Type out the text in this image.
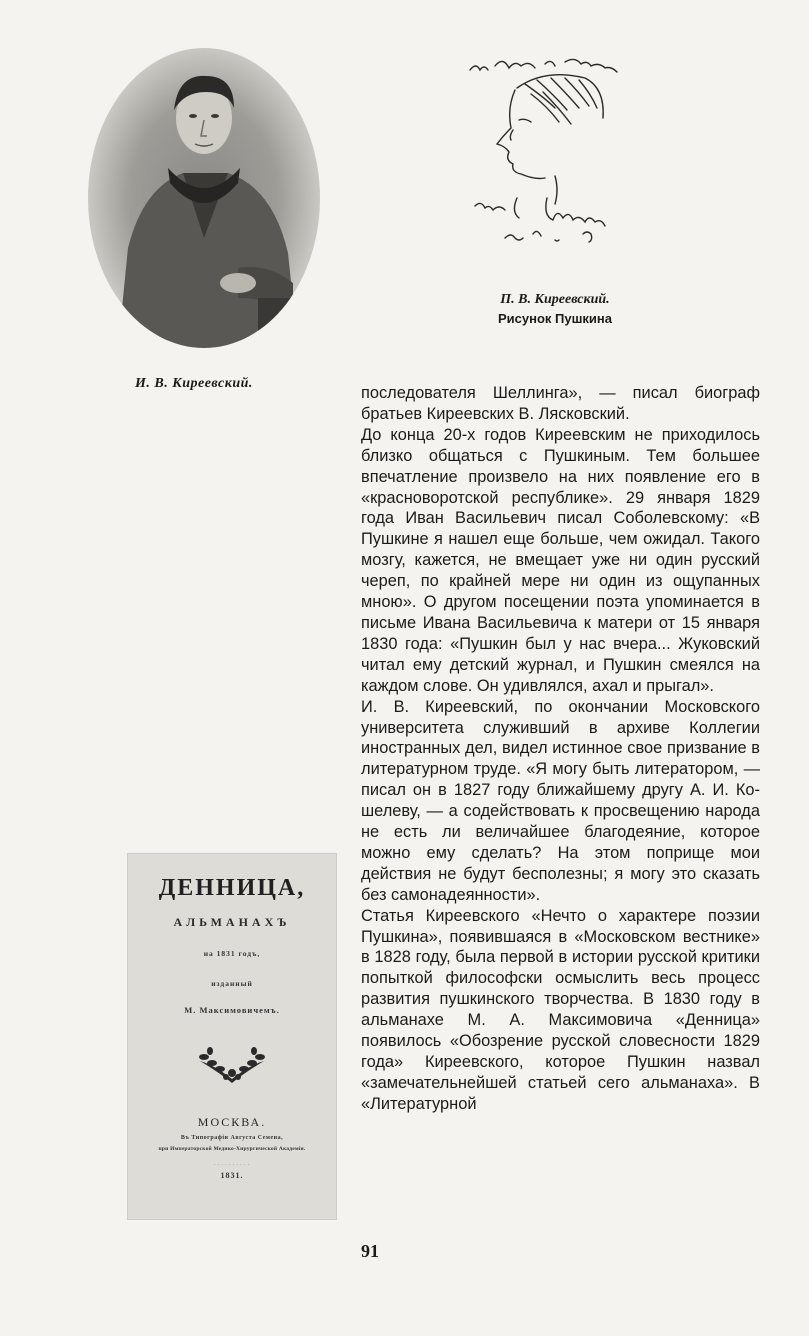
И. В. Киреевский.
П. В. Киреевский.
Рисунок Пушкина

последователя Шеллинга», — писал биограф братьев Киреевских В. Лясковский.

До конца 20-х годов Киреевским не приходилось близко общаться с Пушкиным. Тем большее впечатление произвело на них появление его в «красноворотской республике». 29 января 1829 года Иван Васильевич писал Соболевскому: «В Пушкине я нашел еще больше, чем ожидал. Такого мозгу, кажется, не вмещает уже ни один русский череп, по крайней мере ни один из ощупанных мною». О другом посещении поэта упоминается в письме Ивана Васильевича к матери от 15 января 1830 года: «Пушкин был у нас вчера... Жуковский читал ему детский журнал, и Пушкин смеялся на каждом слове. Он удивлялся, ахал и прыгал».

И. В. Киреевский, по окончании Московского университета служивший в архиве Коллегии иностранных дел, видел истинное свое призвание в литературном труде. «Я могу быть литератором, — писал он в 1827 году ближайшему другу А. И. Кошелеву, — а содействовать к просвещению народа не есть ли величайшее благодеяние, которое можно ему сделать? На этом поприще мои действия не будут бесполезны; я могу это сказать без самонадеянности».

Статья Киреевского «Нечто о характере поэзии Пушкина», появившаяся в «Московском вестнике» в 1828 году, была первой в истории русской критики попыткой философски осмыслить весь процесс развития пушкинского творчества. В 1830 году в альманахе М. А. Максимовича «Денница» появилось «Обозрение русской словесности 1829 года» Киреевского, которое Пушкин назвал «замечательнейшей статьей сего альманаха». В «Литературной

ДЕННИЦА,
АЛЬМАНАХЪ
на 1831 годъ,
изданный
М. Максимовичемъ.
МОСКВА.
Въ Типографіи Августа Семена,
при Императорской Медико-Хирургической Академіи.
- - - - - - - - - -
1831.
91
